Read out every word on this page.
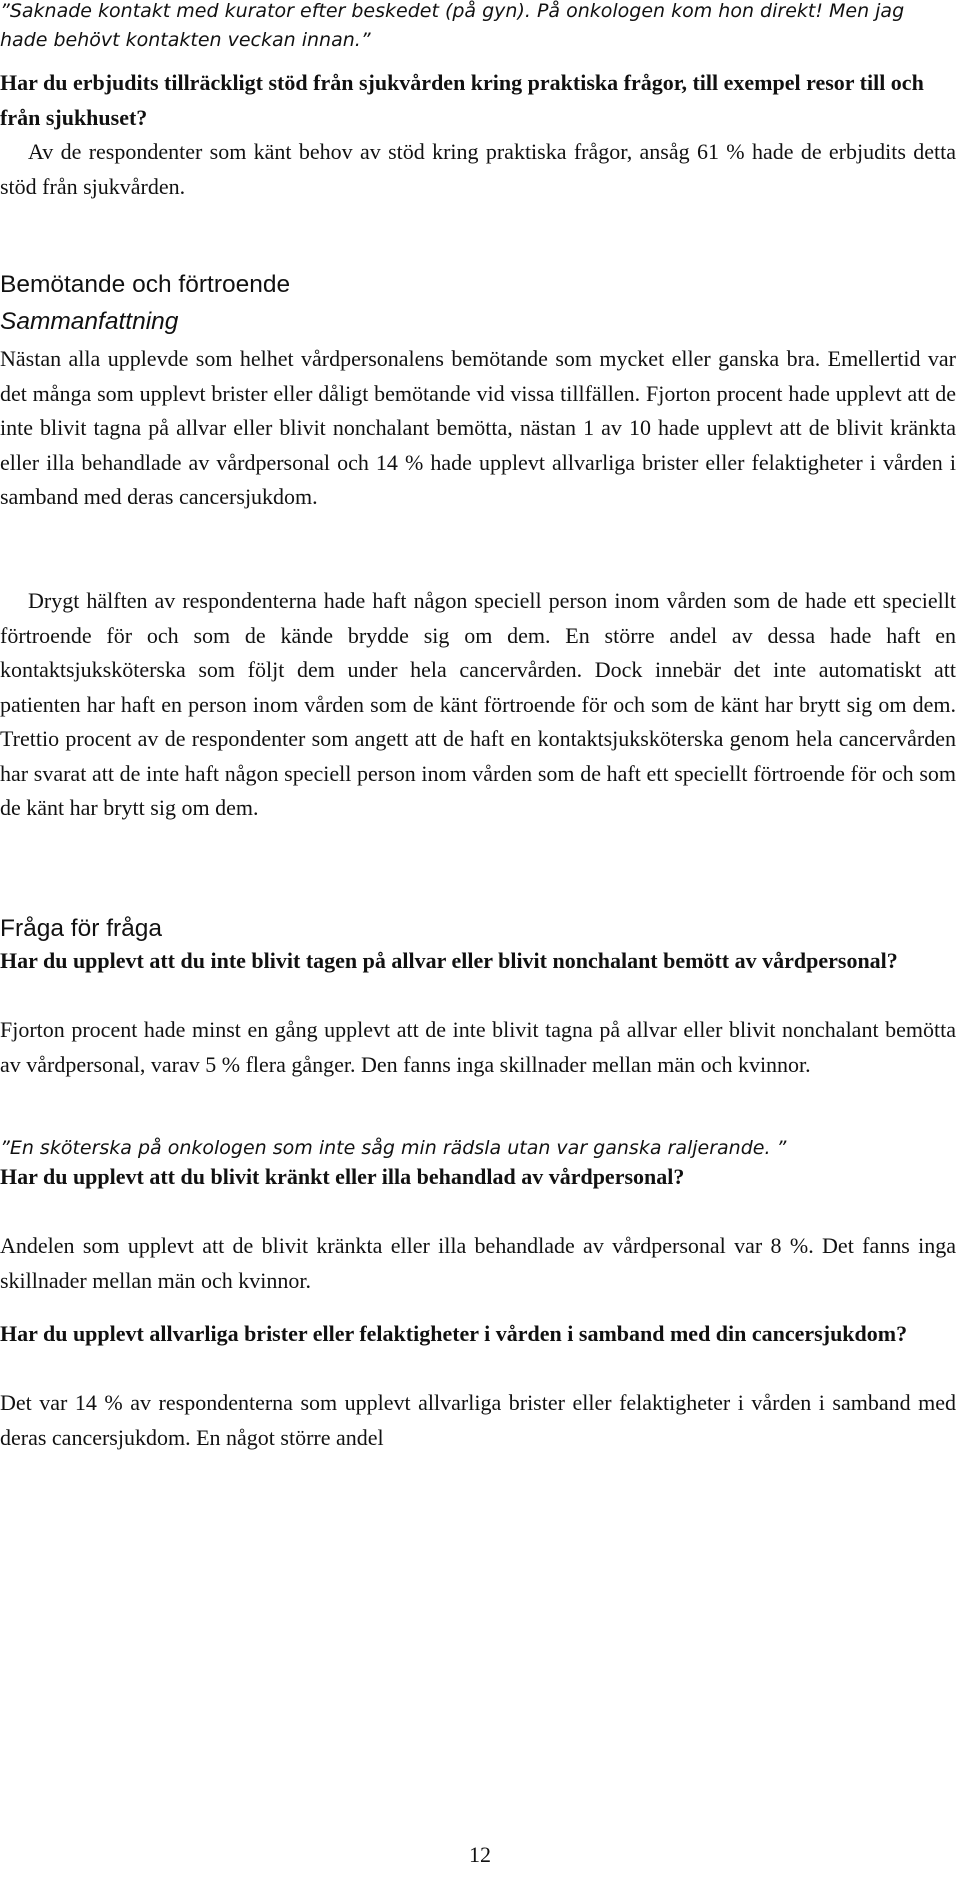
”Saknade kontakt med kurator efter beskedet (på gyn). På onkologen kom hon direkt! Men jag hade behövt kontakten veckan innan.”

Har du erbjudits tillräckligt stöd från sjukvården kring praktiska frågor, till exempel resor till och från sjukhuset?

Av de respondenter som känt behov av stöd kring praktiska frågor, ansåg 61 % hade de erbjudits detta stöd från sjukvården.

Bemötande och förtroende
Sammanfattning

Nästan alla upplevde som helhet vårdpersonalens bemötande som mycket eller ganska bra. Emellertid var det många som upplevt brister eller dåligt bemötande vid vissa tillfällen. Fjorton procent hade upplevt att de inte blivit tagna på allvar eller blivit nonchalant bemötta, nästan 1 av 10 hade upplevt att de blivit kränkta eller illa behandlade av vårdpersonal och 14 % hade upplevt allvarliga brister eller felaktigheter i vården i samband med deras cancersjukdom.

Drygt hälften av respondenterna hade haft någon speciell person inom vården som de hade ett speciellt förtroende för och som de kände brydde sig om dem. En större andel av dessa hade haft en kontaktsjuksköterska som följt dem under hela cancervården. Dock innebär det inte automatiskt att patienten har haft en person inom vården som de känt förtroende för och som de känt har brytt sig om dem. Trettio procent av de respondenter som angett att de haft en kontaktsjuksköterska genom hela cancervården har svarat att de inte haft någon speciell person inom vården som de haft ett speciellt förtroende för och som de känt har brytt sig om dem.

Fråga för fråga

Har du upplevt att du inte blivit tagen på allvar eller blivit nonchalant bemött av vårdpersonal?

Fjorton procent hade minst en gång upplevt att de inte blivit tagna på allvar eller blivit nonchalant bemötta av vårdpersonal, varav 5 % flera gånger. Den fanns inga skillnader mellan män och kvinnor.

”En sköterska på onkologen som inte såg min rädsla utan var ganska raljerande. ”

Har du upplevt att du blivit kränkt eller illa behandlad av vårdpersonal?

Andelen som upplevt att de blivit kränkta eller illa behandlade av vårdpersonal var 8 %. Det fanns inga skillnader mellan män och kvinnor.

Har du upplevt allvarliga brister eller felaktigheter i vården i samband med din cancersjukdom?

Det var 14 % av respondenterna som upplevt allvarliga brister eller felaktigheter i vården i samband med deras cancersjukdom. En något större andel

12
